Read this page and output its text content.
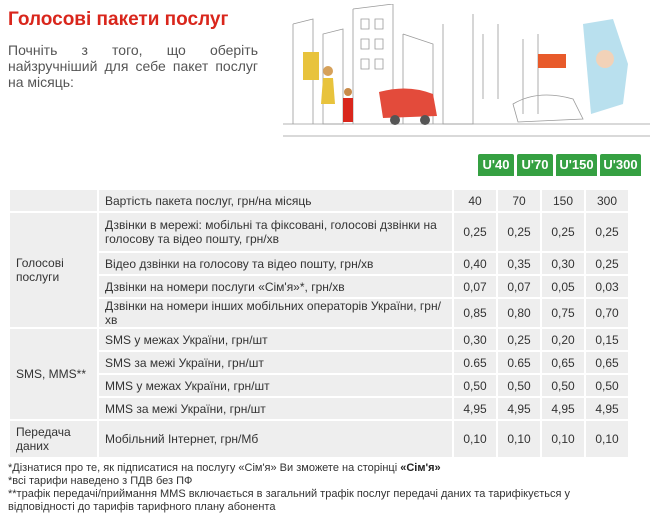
Голосові пакети послуг
Почніть з того, що оберіть найзручніший для себе пакет послуг на місяць:
U'40 U'70 U'150 U'300
	Вартість пакета послуг, грн/на місяць	40	70	150	300
Голосові послуги	Дзвінки в мережі: мобільні та фіксовані, голосові дзвінки на голосову та відео пошту, грн/хв	0,25	0,25	0,25	0,25
	Відео дзвінки на голосову та відео пошту, грн/хв	0,40	0,35	0,30	0,25
	Дзвінки на номери послуги «Сім'я»*, грн/хв	0,07	0,07	0,05	0,03
	Дзвінки на номери інших мобільних операторів України, грн/хв	0,85	0,80	0,75	0,70
SMS, MMS**	SMS у межах України, грн/шт	0,30	0,25	0,20	0,15
	SMS за межі України, грн/шт	0.65	0.65	0,65	0,65
	MMS у межах України, грн/шт	0,50	0,50	0,50	0,50
	MMS за межі України, грн/шт	4,95	4,95	4,95	4,95
Передача даних	Мобільний Інтернет, грн/Мб	0,10	0,10	0,10	0,10
*Дізнатися про те, як підписатися на послугу «Сім'я» Ви зможете на сторінці «Сім'я»
*всі тарифи наведено з ПДВ без ПФ
**трафік передачі/приймання MMS включається в загальний трафік послуг передачі даних та тарифікується у відповідності до тарифів тарифного плану абонента
